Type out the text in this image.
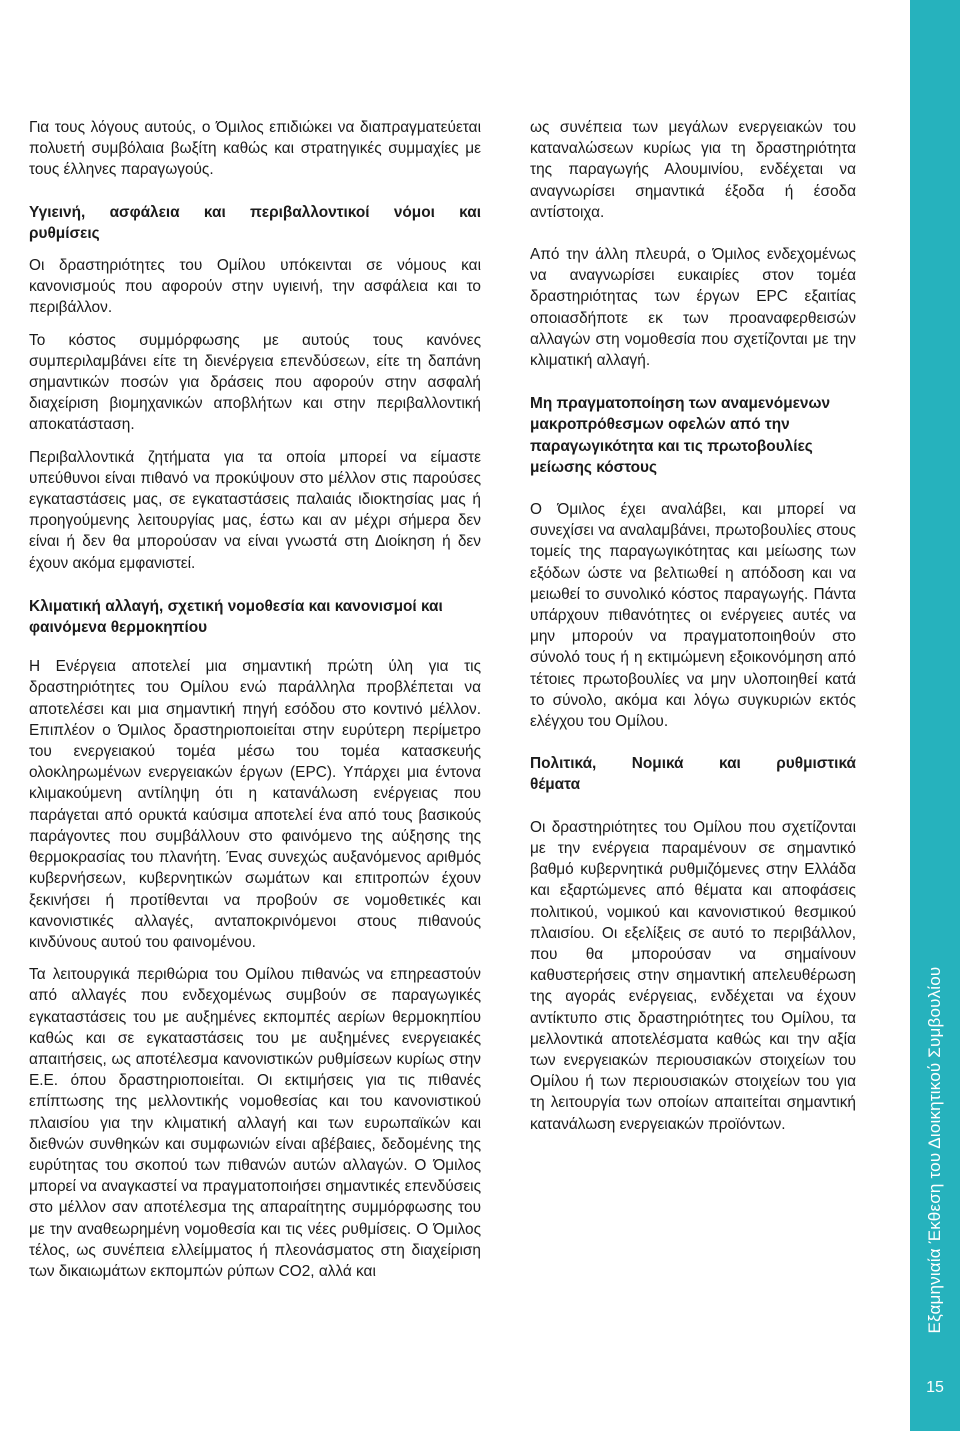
Για τους λόγους αυτούς, ο Όμιλος επιδιώκει να διαπραγματεύεται πολυετή συμβόλαια βωξίτη καθώς και στρατηγικές συμμαχίες με τους έλληνες παραγωγούς.

Υγιεινή, ασφάλεια και περιβαλλοντικοί νόμοι και ρυθμίσεις

Οι δραστηριότητες του Ομίλου υπόκεινται σε νόμους και κανονισμούς που αφορούν στην υγιεινή, την ασφάλεια και το περιβάλλον.

Το κόστος συμμόρφωσης με αυτούς τους κανόνες συμπεριλαμβάνει είτε τη διενέργεια επενδύσεων, είτε τη δαπάνη σημαντικών ποσών για δράσεις που αφορούν στην ασφαλή διαχείριση βιομηχανικών αποβλήτων και στην περιβαλλοντική αποκατάσταση.

Περιβαλλοντικά ζητήματα για τα οποία μπορεί να είμαστε υπεύθυνοι είναι πιθανό να προκύψουν στο μέλλον στις παρούσες εγκαταστάσεις μας, σε εγκαταστάσεις παλαιάς ιδιοκτησίας μας ή προηγούμενης λειτουργίας μας, έστω και αν μέχρι σήμερα δεν είναι ή δεν θα μπορούσαν να είναι γνωστά στη Διοίκηση ή δεν έχουν ακόμα εμφανιστεί.

Κλιματική αλλαγή, σχετική νομοθεσία και κανονισμοί και φαινόμενα θερμοκηπίου

Η Ενέργεια αποτελεί μια σημαντική πρώτη ύλη για τις δραστηριότητες του Ομίλου ενώ παράλληλα προβλέπεται να αποτελέσει και μια σημαντική πηγή εσόδου στο κοντινό μέλλον. Επιπλέον ο Όμιλος δραστηριοποιείται στην ευρύτερη περίμετρο του ενεργειακού τομέα μέσω του τομέα κατασκευής ολοκληρωμένων ενεργειακών έργων (EPC). Υπάρχει μια έντονα κλιμακούμενη αντίληψη ότι η κατανάλωση ενέργειας που παράγεται από ορυκτά καύσιμα αποτελεί ένα από τους βασικούς παράγοντες που συμβάλλουν στο φαινόμενο της αύξησης της θερμοκρασίας του πλανήτη. Ένας συνεχώς αυξανόμενος αριθμός κυβερνήσεων, κυβερνητικών σωμάτων και επιτροπών έχουν ξεκινήσει ή προτίθενται να προβούν σε νομοθετικές και κανονιστικές αλλαγές, ανταποκρινόμενοι στους πιθανούς κινδύνους αυτού του φαινομένου.

Τα λειτουργικά περιθώρια του Ομίλου πιθανώς να επηρεαστούν από αλλαγές που ενδεχομένως συμβούν σε παραγωγικές εγκαταστάσεις του με αυξημένες εκπομπές αερίων θερμοκηπίου καθώς και σε εγκαταστάσεις του με αυξημένες ενεργειακές απαιτήσεις, ως αποτέλεσμα κανονιστικών ρυθμίσεων κυρίως στην Ε.Ε. όπου δραστηριοποιείται. Οι εκτιμήσεις για τις πιθανές επίπτωσης της μελλοντικής νομοθεσίας και του κανονιστικού πλαισίου για την κλιματική αλλαγή και των ευρωπαϊκών και διεθνών συνθηκών και συμφωνιών είναι αβέβαιες, δεδομένης της ευρύτητας του σκοπού των πιθανών αυτών αλλαγών. Ο Όμιλος μπορεί να αναγκαστεί να πραγματοποιήσει σημαντικές επενδύσεις στο μέλλον σαν αποτέλεσμα της απαραίτητης συμμόρφωσης του με την αναθεωρημένη νομοθεσία και τις νέες ρυθμίσεις. Ο Όμιλος τέλος, ως συνέπεια ελλείμματος ή πλεονάσματος στη διαχείριση των δικαιωμάτων εκπομπών ρύπων CO2, αλλά και

ως συνέπεια των μεγάλων ενεργειακών του καταναλώσεων κυρίως για τη δραστηριότητα της παραγωγής Αλουμινίου, ενδέχεται να αναγνωρίσει σημαντικά έξοδα ή έσοδα αντίστοιχα.

Από την άλλη πλευρά, ο Όμιλος ενδεχομένως να αναγνωρίσει ευκαιρίες στον τομέα δραστηριότητας των έργων EPC εξαιτίας οποιασδήποτε εκ των προαναφερθεισών αλλαγών στη νομοθεσία που σχετίζονται με την κλιματική αλλαγή.

Μη πραγματοποίηση των αναμενόμενων μακροπρόθεσμων οφελών από την παραγωγικότητα και τις πρωτοβουλίες μείωσης κόστους

Ο Όμιλος έχει αναλάβει, και μπορεί να συνεχίσει να αναλαμβάνει, πρωτοβουλίες στους τομείς της παραγωγικότητας και μείωσης των εξόδων ώστε να βελτιωθεί η απόδοση και να μειωθεί το συνολικό κόστος παραγωγής. Πάντα υπάρχουν πιθανότητες οι ενέργειες αυτές να μην μπορούν να πραγματοποιηθούν στο σύνολό τους ή η εκτιμώμενη εξοικονόμηση από τέτοιες πρωτοβουλίες να μην υλοποιηθεί κατά το σύνολο, ακόμα και λόγω συγκυριών εκτός ελέγχου του Ομίλου.

Πολιτικά, Νομικά και ρυθμιστικά θέματα

Οι δραστηριότητες του Ομίλου που σχετίζονται με την ενέργεια παραμένουν σε σημαντικό βαθμό κυβερνητικά ρυθμιζόμενες στην Ελλάδα και εξαρτώμενες από θέματα και αποφάσεις πολιτικού, νομικού και κανονιστικού θεσμικού πλαισίου. Οι εξελίξεις σε αυτό το περιβάλλον, που θα μπορούσαν να σημαίνουν καθυστερήσεις στην σημαντική απελευθέρωση της αγοράς ενέργειας, ενδέχεται να έχουν αντίκτυπο στις δραστηριότητες του Ομίλου, τα μελλοντικά αποτελέσματα καθώς και την αξία των ενεργειακών περιουσιακών στοιχείων του Ομίλου ή των περιουσιακών στοιχείων του για τη λειτουργία των οποίων απαιτείται σημαντική κατανάλωση ενεργειακών προϊόντων.	Εξαμηνιαία Έκθεση του Διοικητικού Συμβουλίου
15
